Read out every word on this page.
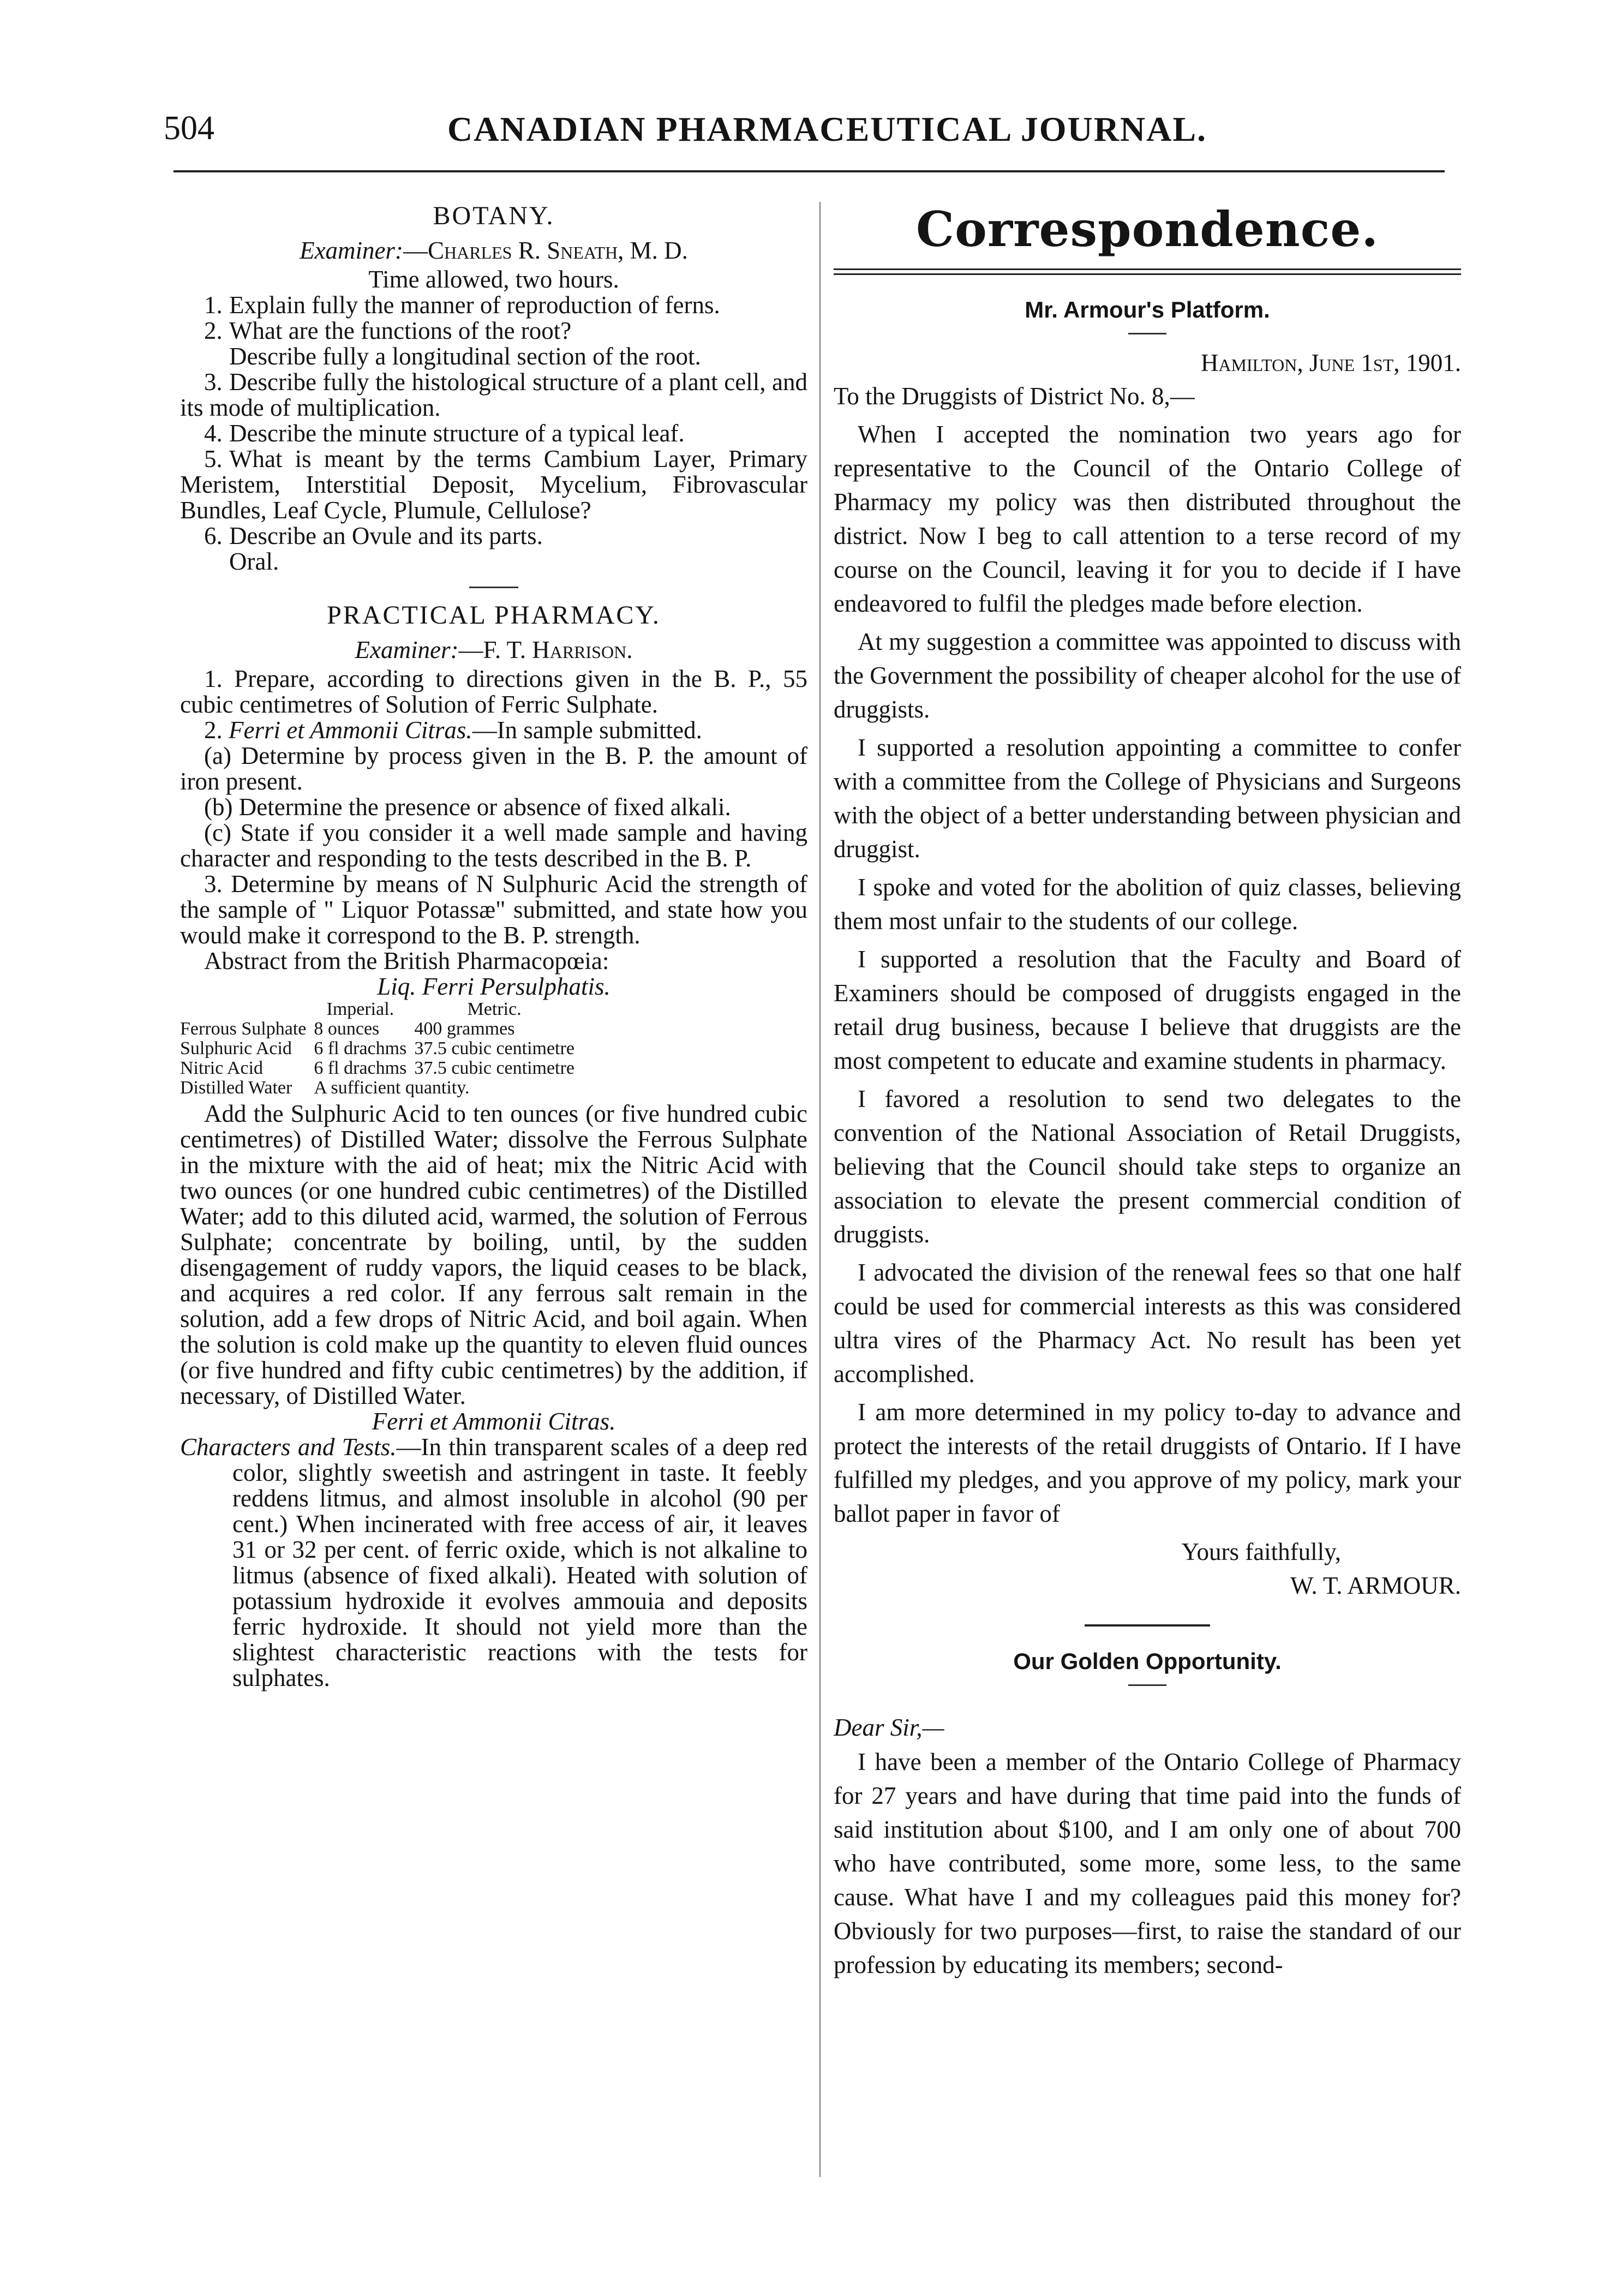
504	CANADIAN PHARMACEUTICAL JOURNAL.
BOTANY.
Examiner:—Charles R. Sneath, M. D.

Time allowed, two hours.

1. Explain fully the manner of reproduction of ferns.

2. What are the functions of the root?

Describe fully a longitudinal section of the root.

3. Describe fully the histological structure of a plant cell, and its mode of multiplication.

4. Describe the minute structure of a typical leaf.

5. What is meant by the terms Cambium Layer, Primary Meristem, Interstitial Deposit, Mycelium, Fibrovascular Bundles, Leaf Cycle, Plumule, Cellulose?

6. Describe an Ovule and its parts.

Oral.

PRACTICAL PHARMACY.
Examiner:—F. T. Harrison.

1. Prepare, according to directions given in the B. P., 55 cubic centimetres of Solution of Ferric Sulphate.

2. Ferri et Ammonii Citras.—In sample submitted.

(a) Determine by process given in the B. P. the amount of iron present.

(b) Determine the presence or absence of fixed alkali.

(c) State if you consider it a well made sample and having character and responding to the tests described in the B. P.

3. Determine by means of N Sulphuric Acid the strength of the sample of " Liquor Potassæ" submitted, and state how you would make it correspond to the B. P. strength.

Abstract from the British Pharmacopœia:

Liq. Ferri Persulphatis.

	Imperial.	Metric.
Ferrous Sulphate	8 ounces	400 grammes
Sulphuric Acid	6 fl drachms	37.5 cubic centimetre
Nitric Acid	6 fl drachms	37.5 cubic centimetre
Distilled Water	A sufficient quantity.	

Add the Sulphuric Acid to ten ounces (or five hundred cubic centimetres) of Distilled Water; dissolve the Ferrous Sulphate in the mixture with the aid of heat; mix the Nitric Acid with two ounces (or one hundred cubic centimetres) of the Distilled Water; add to this diluted acid, warmed, the solution of Ferrous Sulphate; concentrate by boiling, until, by the sudden disengagement of ruddy vapors, the liquid ceases to be black, and acquires a red color. If any ferrous salt remain in the solution, add a few drops of Nitric Acid, and boil again. When the solution is cold make up the quantity to eleven fluid ounces (or five hundred and fifty cubic centimetres) by the addition, if necessary, of Distilled Water.

Ferri et Ammonii Citras.

Characters and Tests.—In thin transparent scales of a deep red color, slightly sweetish and astringent in taste. It feebly reddens litmus, and almost insoluble in alcohol (90 per cent.) When incinerated with free access of air, it leaves 31 or 32 per cent. of ferric oxide, which is not alkaline to litmus (absence of fixed alkali). Heated with solution of potassium hydroxide it evolves ammouia and deposits ferric hydroxide. It should not yield more than the slightest characteristic reactions with the tests for sulphates.

Correspondence.
Mr. Armour's Platform.

Hamilton, June 1st, 1901.

To the Druggists of District No. 8,—

When I accepted the nomination two years ago for representative to the Council of the Ontario College of Pharmacy my policy was then distributed throughout the district. Now I beg to call attention to a terse record of my course on the Council, leaving it for you to decide if I have endeavored to fulfil the pledges made before election.

At my suggestion a committee was appointed to discuss with the Government the possibility of cheaper alcohol for the use of druggists.

I supported a resolution appointing a committee to confer with a committee from the College of Physicians and Surgeons with the object of a better understanding between physician and druggist.

I spoke and voted for the abolition of quiz classes, believing them most unfair to the students of our college.

I supported a resolution that the Faculty and Board of Examiners should be composed of druggists engaged in the retail drug business, because I believe that druggists are the most competent to educate and examine students in pharmacy.

I favored a resolution to send two delegates to the convention of the National Association of Retail Druggists, believing that the Council should take steps to organize an association to elevate the present commercial condition of druggists.

I advocated the division of the renewal fees so that one half could be used for commercial interests as this was considered ultra vires of the Pharmacy Act. No result has been yet accomplished.

I am more determined in my policy to-day to advance and protect the interests of the retail druggists of Ontario. If I have fulfilled my pledges, and you approve of my policy, mark your ballot paper in favor of

Yours faithfully,

W. T. ARMOUR.

Our Golden Opportunity.

Dear Sir,—

I have been a member of the Ontario College of Pharmacy for 27 years and have during that time paid into the funds of said institution about $100, and I am only one of about 700 who have contributed, some more, some less, to the same cause. What have I and my colleagues paid this money for? Obviously for two purposes—first, to raise the standard of our profession by educating its members; second-
